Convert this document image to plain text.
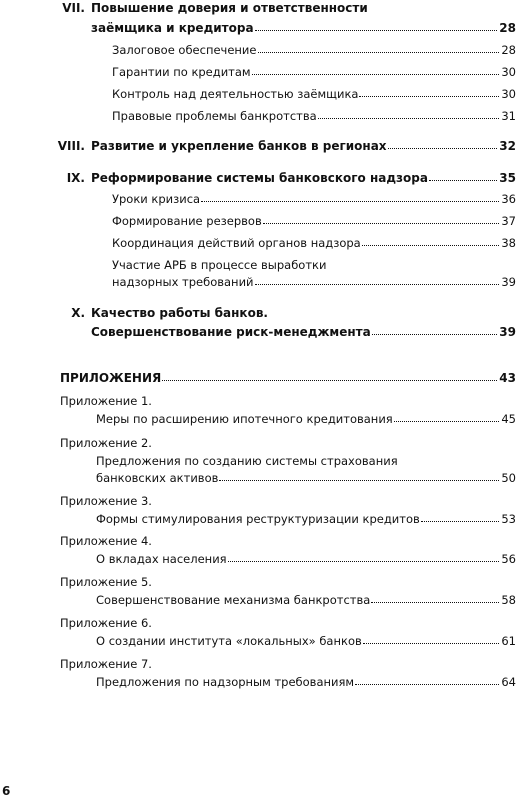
VII. Повышение доверия и ответственности
заёмщика и кредитора	28
Залоговое обеспечение	28
Гарантии по кредитам	30
Контроль над деятельностью заёмщика	30
Правовые проблемы банкротства	31
VIII. Развитие и укрепление банков в регионах	32
IX. Реформирование системы банковского надзора	35
Уроки кризиса	36
Формирование резервов	37
Координация действий органов надзора	38
Участие АРБ в процессе выработки
надзорных требований	39
X. Качество работы банков.
Совершенствование риск-менеджмента	39
ПРИЛОЖЕНИЯ	43
Приложение 1.
Меры по расширению ипотечного кредитования	45
Приложение 2.
Предложения по созданию системы страхования
банковских активов	50
Приложение 3.
Формы стимулирования реструктуризации кредитов	53
Приложение 4.
О вкладах населения	56
Приложение 5.
Совершенствование механизма банкротства	58
Приложение 6.
О создании института «локальных» банков	61
Приложение 7.
Предложения по надзорным требованиям	64
6
